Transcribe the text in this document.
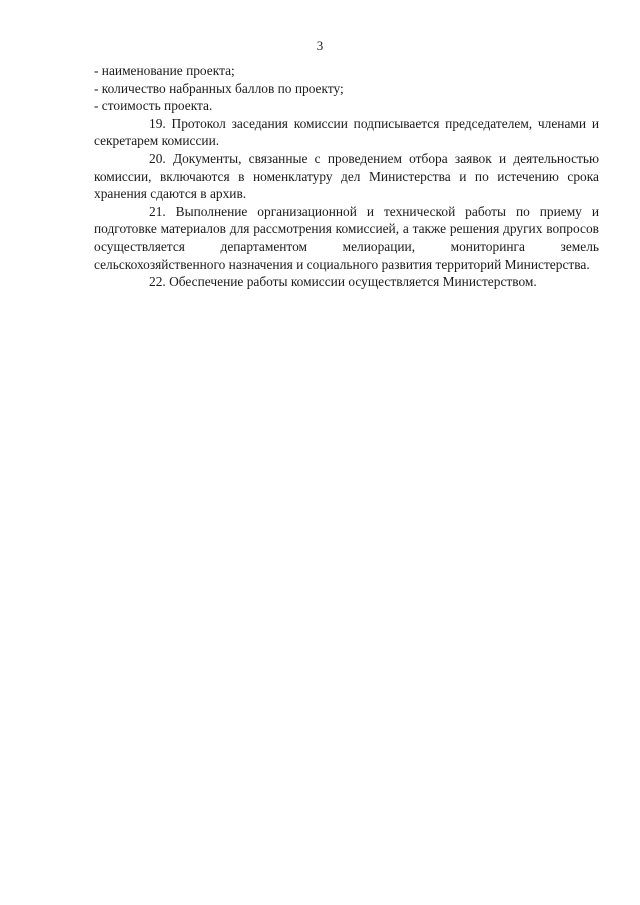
3

- наименование проекта;

- количество набранных баллов по проекту;

- стоимость проекта.

19. Протокол заседания комиссии подписывается председателем, членами и секретарем комиссии.

20. Документы, связанные с проведением отбора заявок и деятельностью комиссии, включаются в номенклатуру дел Министерства и по истечению срока хранения сдаются в архив.

21. Выполнение организационной и технической работы по приему и подготовке материалов для рассмотрения комиссией, а также решения других вопросов осуществляется департаментом мелиорации, мониторинга земель сельскохозяйственного назначения и социального развития территорий Министерства.

22. Обеспечение работы комиссии осуществляется Министерством.
